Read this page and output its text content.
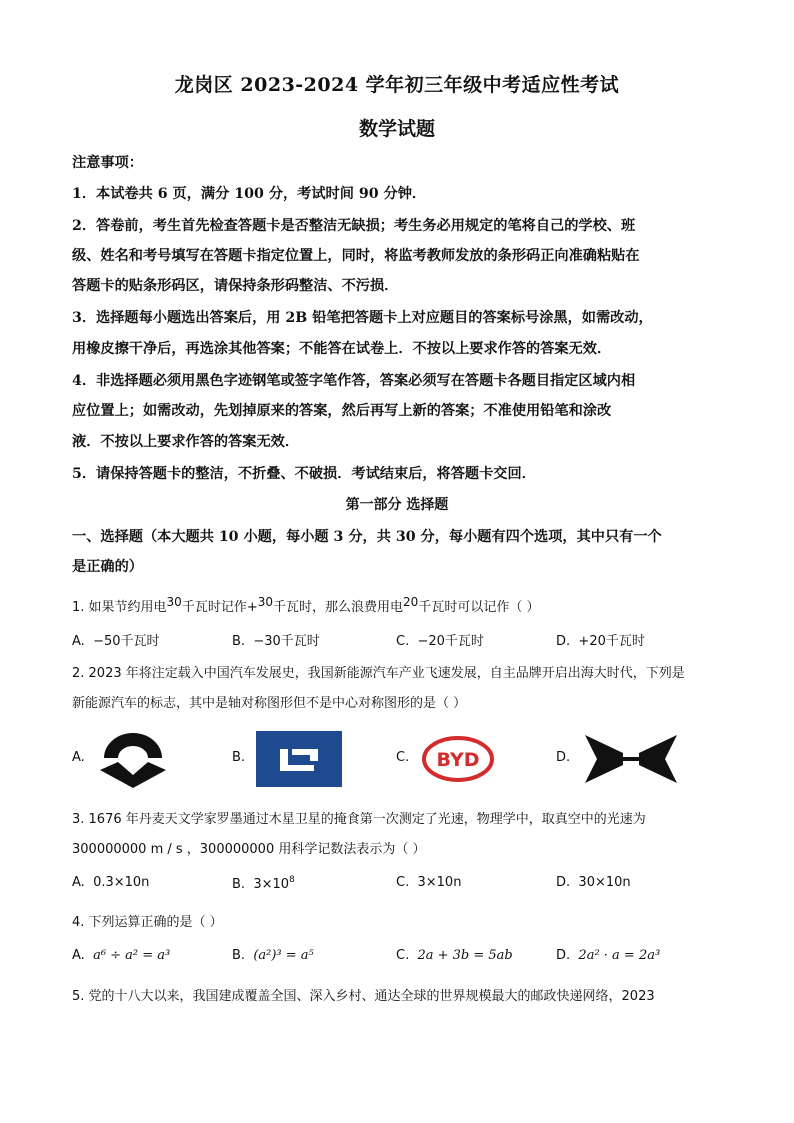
龙岗区 2023-2024 学年初三年级中考适应性考试
数学试题
注意事项：
1．本试卷共 6 页，满分 100 分，考试时间 90 分钟．
2．答卷前，考生首先检查答题卡是否整洁无缺损；考生务必用规定的笔将自己的学校、班
级、姓名和考号填写在答题卡指定位置上，同时，将监考教师发放的条形码正向准确粘贴在
答题卡的贴条形码区，请保持条形码整洁、不污损．
3．选择题每小题选出答案后，用 2B 铅笔把答题卡上对应题目的答案标号涂黑，如需改动，
用橡皮擦干净后，再选涂其他答案；不能答在试卷上．不按以上要求作答的答案无效．
4．非选择题必须用黑色字迹钢笔或签字笔作答，答案必须写在答题卡各题目指定区域内相
应位置上；如需改动，先划掉原来的答案，然后再写上新的答案；不准使用铅笔和涂改
液．不按以上要求作答的答案无效．
5．请保持答题卡的整洁，不折叠、不破损．考试结束后，将答题卡交回．
第一部分 选择题
一、选择题（本大题共 10 小题，每小题 3 分，共 30 分，每小题有四个选项，其中只有一个
是正确的）
1. 如果节约用电30千瓦时记作+30千瓦时，那么浪费用电20千瓦时可以记作（ ）
A. −50千瓦时	B. −30千瓦时	C. −20千瓦时	D. +20千瓦时
2. 2023 年将注定载入中国汽车发展史，我国新能源汽车产业飞速发展，自主品牌开启出海大时代，下列是
新能源汽车的标志，其中是轴对称图形但不是中心对称图形的是（ ）
A.	B.	C. BYD	D.
3. 1676 年丹麦天文学家罗墨通过木星卫星的掩食第一次测定了光速，物理学中，取真空中的光速为
300000000 m / s ，300000000 用科学记数法表示为（ ）
A. 0.3×10n	B. $3\times 10^8$	C. 3×10n	D. 30×10n
4. 下列运算正确的是（ ）
A. a⁶ ÷ a² = a³	B. (a²)³ = a⁵	C. 2a + 3b = 5ab	D. 2a² · a = 2a³
5. 党的十八大以来，我国建成覆盖全国、深入乡村、通达全球的世界规模最大的邮政快递网络，2023
